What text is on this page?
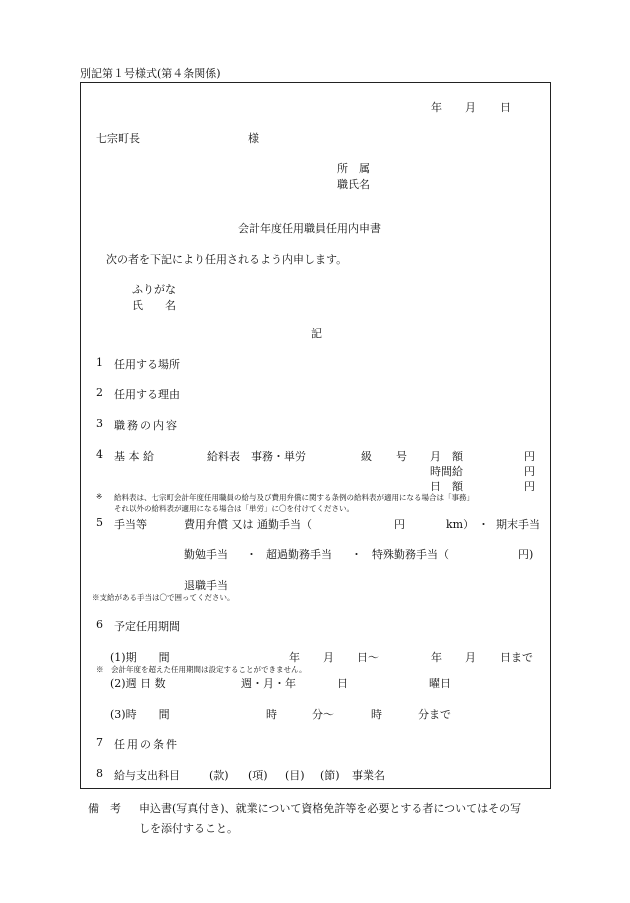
別記第１号様式(第４条関係)
年 月 日
七宗町長	様
所　属
職氏名
会計年度任用職員任用内申書
次の者を下記により任用されるよう内申します。
ふりがな
氏　　名
記
1 任用する場所
2 任用する理由
3 職務の内容
4 基 本 給	給料表　事務・単労	級 号 月　額	円
時間給	円
日　額	円
※ 給料表は、七宗町会計年度任用職員の給与及び費用弁償に関する条例の給料表が適用になる場合は「事務」
それ以外の給料表が適用になる場合は「単労」に〇を付けてください。
5 手当等	費用弁償 又は 通勤手当（	円	km） ・ 期末手当
勤勉手当 ・ 超過勤務手当 ・ 特殊勤務手当（	円)
退職手当
※支給がある手当は〇で囲ってください。
6 予定任用期間
(1)期　　間	年 月 日〜	年 月 日まで
※　会計年度を超えた任用期間は設定することができません。
(2)週 日 数	週・月・年	日	曜日
(3)時　　間	時	分〜	時	分まで
7 任用の条件
8 給与支出科目	(款) (項) (目) (節) 事業名
備　考 申込書(写真付き)、就業について資格免許等を必要とする者についてはその写
しを添付すること。
